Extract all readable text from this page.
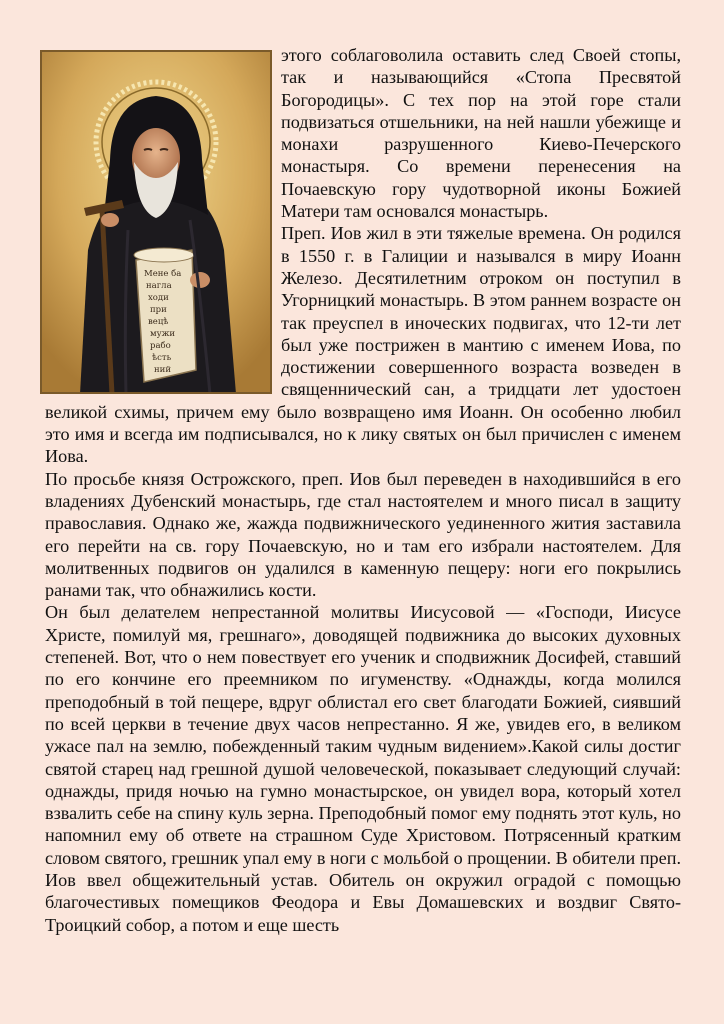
Мене ба
нагла
ходи
при
вецѣ
мужи
рабо
ѣсть
ний

этого соблаговолила оставить след Своей стопы, так и называющийся «Стопа Пресвятой Богородицы». С тех пор на этой горе стали подвизаться отшельники, на ней нашли убежище и монахи разрушенного Киево-Печерского монастыря. Со времени перенесения на Почаевскую гору чудотворной иконы Божией Матери там основался монастырь.

Преп. Иов жил в эти тяжелые времена. Он родился в 1550 г. в Галиции и назывался в миру Иоанн Железо. Десятилетним отроком он поступил в Угорницкий монастырь. В этом раннем возрасте он так преуспел в иноческих подвигах, что 12-ти лет был уже пострижен в мантию с именем Иова, по достижении совершенного возраста возведен в священнический сан, а тридцати лет удостоен великой схимы, причем ему было возвращено имя Иоанн. Он особенно любил это имя и всегда им подписывался, но к лику святых он был причислен с именем Иова.

По просьбе князя Острожского, преп. Иов был переведен в находившийся в его владениях Дубенский монастырь, где стал настоятелем и много писал в защиту православия. Однако же, жажда подвижнического уединенного жития заставила его перейти на св. гору Почаевскую, но и там его избрали настоятелем. Для молитвенных подвигов он удалился в каменную пещеру: ноги его покрылись ранами так, что обнажились кости.

Он был делателем непрестанной молитвы Иисусовой — «Господи, Иисусе Христе, помилуй мя, грешнаго», доводящей подвижника до высоких духовных степеней. Вот, что о нем повествует его ученик и сподвижник Досифей, ставший по его кончине его преемником по игуменству. «Однажды, когда молился преподобный в той пещере, вдруг облистал его свет благодати Божией, сиявший по всей церкви в течение двух часов непрестанно. Я же, увидев его, в великом ужасе пал на землю, побежденный таким чудным видением».Какой силы достиг святой старец над грешной душой человеческой, показывает следующий случай: однажды, придя ночью на гумно монастырское, он увидел вора, который хотел взвалить себе на спину куль зерна. Преподобный помог ему поднять этот куль, но напомнил ему об ответе на страшном Суде Христовом. Потрясенный кратким словом святого, грешник упал ему в ноги с мольбой о прощении. В обители преп. Иов ввел общежительный устав. Обитель он окружил оградой с помощью благочестивых помещиков Феодора и Евы Домашевских и воздвиг Свято-Троицкий собор, а потом и еще шесть
